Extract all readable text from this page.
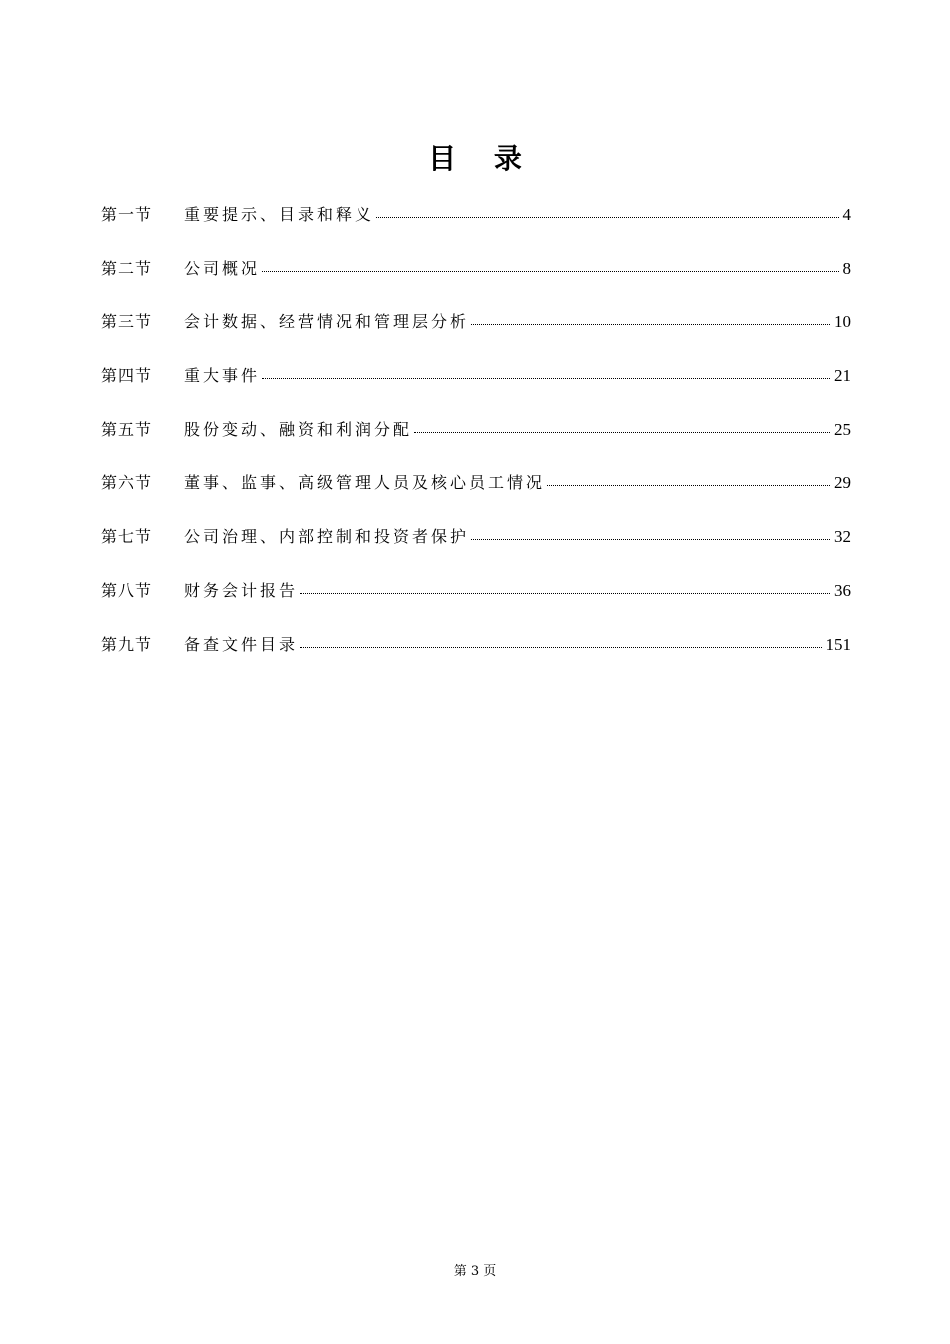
目 录
第一节	重要提示、目录和释义	4
第二节	公司概况	8
第三节	会计数据、经营情况和管理层分析	10
第四节	重大事件	21
第五节	股份变动、融资和利润分配	25
第六节	董事、监事、高级管理人员及核心员工情况	29
第七节	公司治理、内部控制和投资者保护	32
第八节	财务会计报告	36
第九节	备查文件目录	151
第 3 页
